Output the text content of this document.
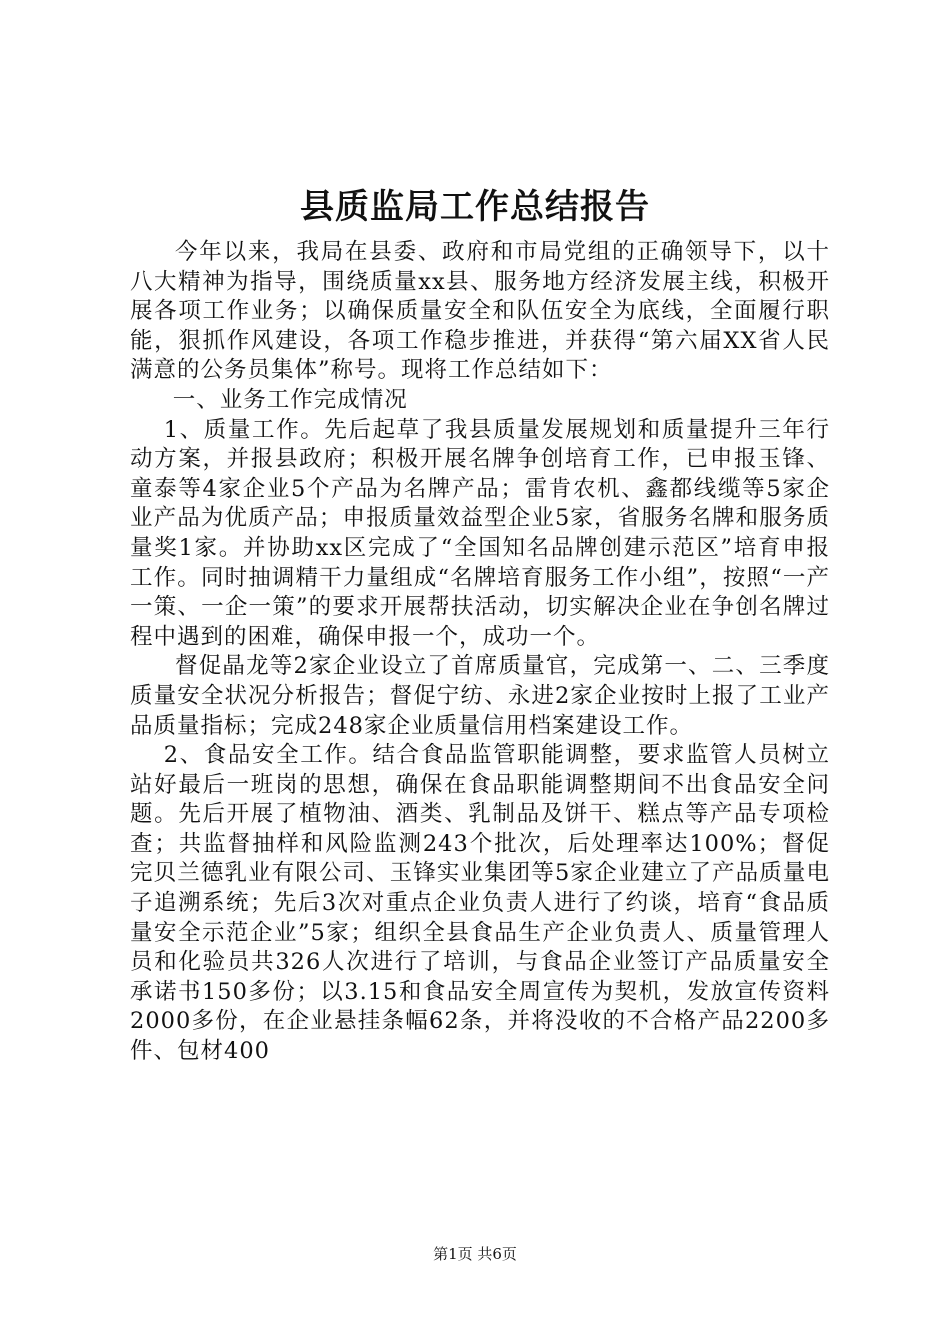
县质监局工作总结报告

今年以来，我局在县委、政府和市局党组的正确领导下，以十八大精神为指导，围绕质量xx县、服务地方经济发展主线，积极开展各项工作业务；以确保质量安全和队伍安全为底线，全面履行职能，狠抓作风建设，各项工作稳步推进，并获得“第六届XX省人民满意的公务员集体”称号。现将工作总结如下：

一、业务工作完成情况

1、质量工作。先后起草了我县质量发展规划和质量提升三年行动方案，并报县政府；积极开展名牌争创培育工作，已申报玉锋、童泰等4家企业5个产品为名牌产品；雷肯农机、鑫都线缆等5家企业产品为优质产品；申报质量效益型企业5家，省服务名牌和服务质量奖1家。并协助xx区完成了“全国知名品牌创建示范区”培育申报工作。同时抽调精干力量组成“名牌培育服务工作小组”，按照“一产一策、一企一策”的要求开展帮扶活动，切实解决企业在争创名牌过程中遇到的困难，确保申报一个，成功一个。

督促晶龙等2家企业设立了首席质量官，完成第一、二、三季度质量安全状况分析报告；督促宁纺、永进2家企业按时上报了工业产品质量指标；完成248家企业质量信用档案建设工作。

2、食品安全工作。结合食品监管职能调整，要求监管人员树立站好最后一班岗的思想，确保在食品职能调整期间不出食品安全问题。先后开展了植物油、酒类、乳制品及饼干、糕点等产品专项检查；共监督抽样和风险监测243个批次，后处理率达100%；督促完贝兰德乳业有限公司、玉锋实业集团等5家企业建立了产品质量电子追溯系统；先后3次对重点企业负责人进行了约谈，培育“食品质量安全示范企业”5家；组织全县食品生产企业负责人、质量管理人员和化验员共326人次进行了培训，与食品企业签订产品质量安全承诺书150多份；以3.15和食品安全周宣传为契机，发放宣传资料2000多份，在企业悬挂条幅62条，并将没收的不合格产品2200多件、包材400

第1页 共6页
